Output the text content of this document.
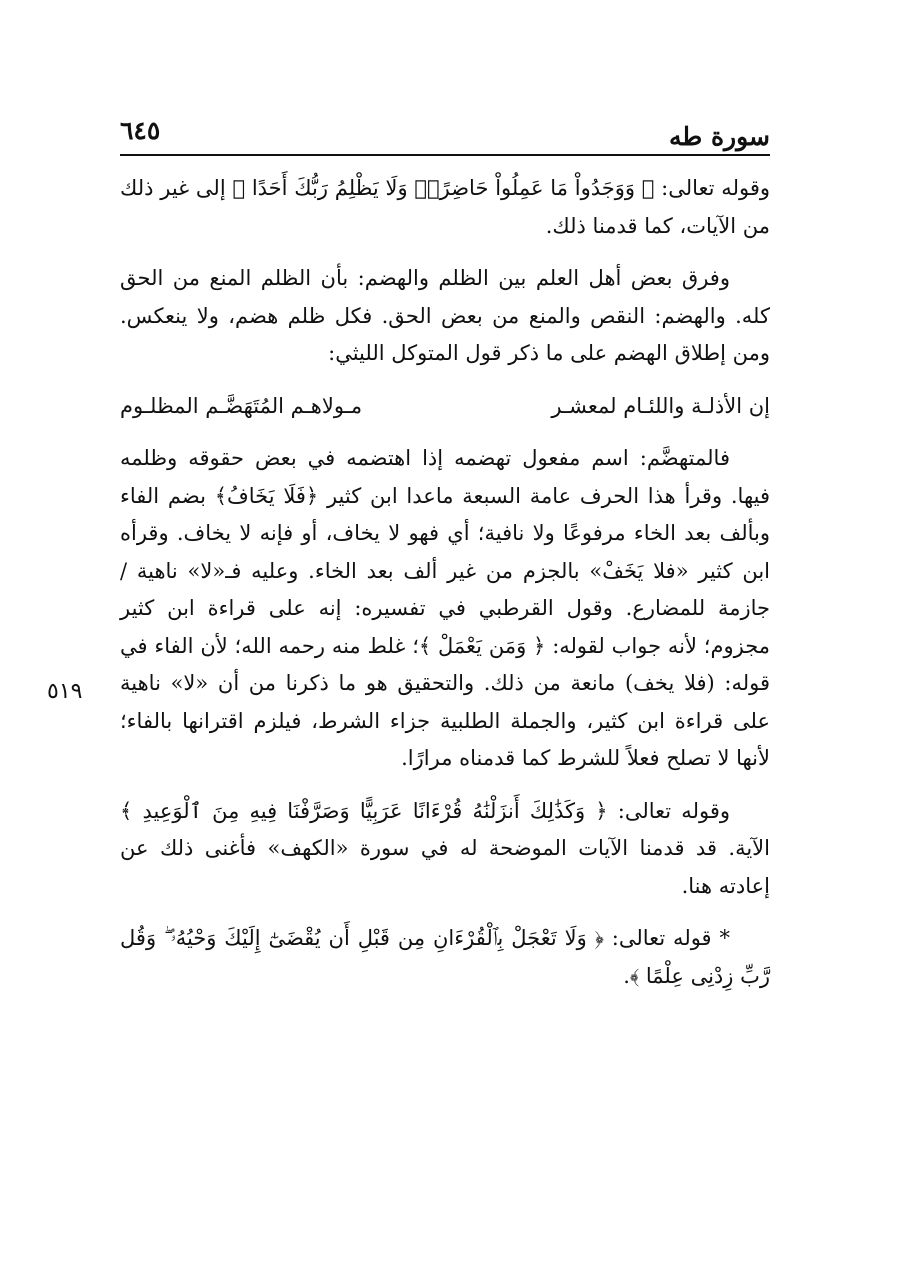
سورة طه
٦٤٥
٥١٩

وقوله تعالى: ﴿ وَوَجَدُواْ مَا عَمِلُواْ حَاضِرًاۗ وَلَا يَظْلِمُ رَبُّكَ أَحَدًا ﴾ إلى غير ذلك من الآيات، كما قدمنا ذلك.

وفرق بعض أهل العلم بين الظلم والهضم: بأن الظلم المنع من الحق كله. والهضم: النقص والمنع من بعض الحق. فكل ظلم هضم، ولا ينعكس. ومن إطلاق الهضم على ما ذكر قول المتوكل الليثي:

إن الأذلـة واللئـام لمعشـر
مـولاهـم المُتَهَضَّـم المظلـوم

فالمتهضَّم: اسم مفعول تهضمه إذا اهتضمه في بعض حقوقه وظلمه فيها. وقرأ هذا الحرف عامة السبعة ماعدا ابن كثير ﴿فَلَا يَخَافُ﴾ بضم الفاء وبألف بعد الخاء مرفوعًا ولا نافية؛ أي فهو لا يخاف، أو فإنه لا يخاف. وقرأه ابن كثير «فلا يَخَفْ» بالجزم من غير ألف بعد الخاء. وعليه فـ«لا» ناهية / جازمة للمضارع. وقول القرطبي في تفسيره: إنه على قراءة ابن كثير مجزوم؛ لأنه جواب لقوله: ﴿ وَمَن يَعْمَلْ ﴾؛ غلط منه رحمه الله؛ لأن الفاء في قوله: (فلا يخف) مانعة من ذلك. والتحقيق هو ما ذكرنا من أن «لا» ناهية على قراءة ابن كثير، والجملة الطلبية جزاء الشرط، فيلزم اقترانها بالفاء؛ لأنها لا تصلح فعلاً للشرط كما قدمناه مرارًا.

وقوله تعالى: ﴿ وَكَذَٰلِكَ أَنزَلْنَٰهُ قُرْءَانًا عَرَبِيًّا وَصَرَّفْنَا فِيهِ مِنَ ٱلْوَعِيدِ ﴾ الآية. قد قدمنا الآيات الموضحة له في سورة «الكهف» فأغنى ذلك عن إعادته هنا.

* قوله تعالى: ﴿ وَلَا تَعْجَلْ بِٱلْقُرْءَانِ مِن قَبْلِ أَن يُقْضَىٰٓ إِلَيْكَ وَحْيُهُۥ ۖ وَقُل رَّبِّ زِدْنِى عِلْمًا ﴾.
